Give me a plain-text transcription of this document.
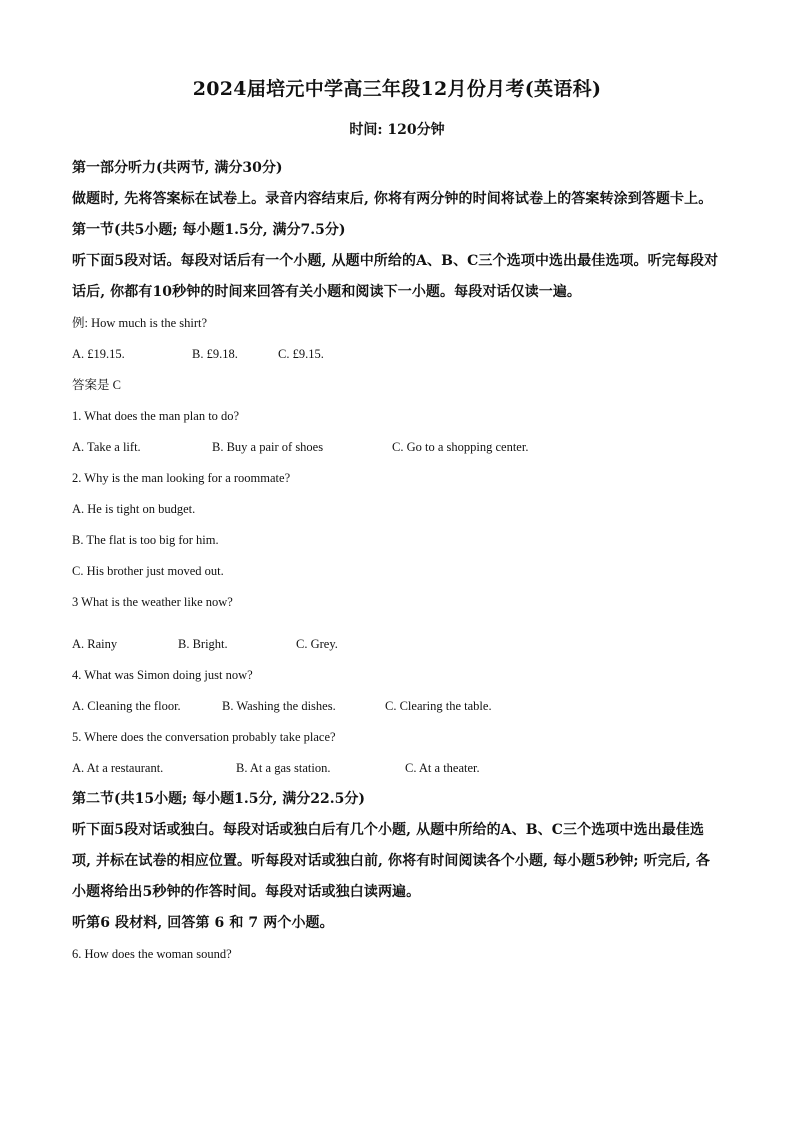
2024届培元中学高三年段12月份月考(英语科)
时间: 120分钟
第一部分听力(共两节, 满分30分)
做题时, 先将答案标在试卷上。录音内容结束后, 你将有两分钟的时间将试卷上的答案转涂到答题卡上。
第一节(共5小题; 每小题1.5分, 满分7.5分)
听下面5段对话。每段对话后有一个小题, 从题中所给的A、B、C三个选项中选出最佳选项。听完每段对话后, 你都有10秒钟的时间来回答有关小题和阅读下一小题。每段对话仅读一遍。
例: How much is the shirt?
A. £19.15.	B. £9.18.	C. £9.15.
答案是 C
1. What does the man plan to do?
A. Take a lift.	B. Buy a pair of shoes	C. Go to a shopping center.
2. Why is the man looking for a roommate?
A. He is tight on budget.
B. The flat is too big for him.
C. His brother just moved out.
3 What is the weather like now?
A. Rainy	B. Bright.	C. Grey.
4. What was Simon doing just now?
A. Cleaning the floor.	B. Washing the dishes.	C. Clearing the table.
5. Where does the conversation probably take place?
A. At a restaurant.	B. At a gas station.	C. At a theater.
第二节(共15小题; 每小题1.5分, 满分22.5分)
听下面5段对话或独白。每段对话或独白后有几个小题, 从题中所给的A、B、C三个选项中选出最佳选项, 并标在试卷的相应位置。听每段对话或独白前, 你将有时间阅读各个小题, 每小题5秒钟; 听完后, 各小题将给出5秒钟的作答时间。每段对话或独白读两遍。
听第6 段材料, 回答第 6 和 7 两个小题。
6. How does the woman sound?
